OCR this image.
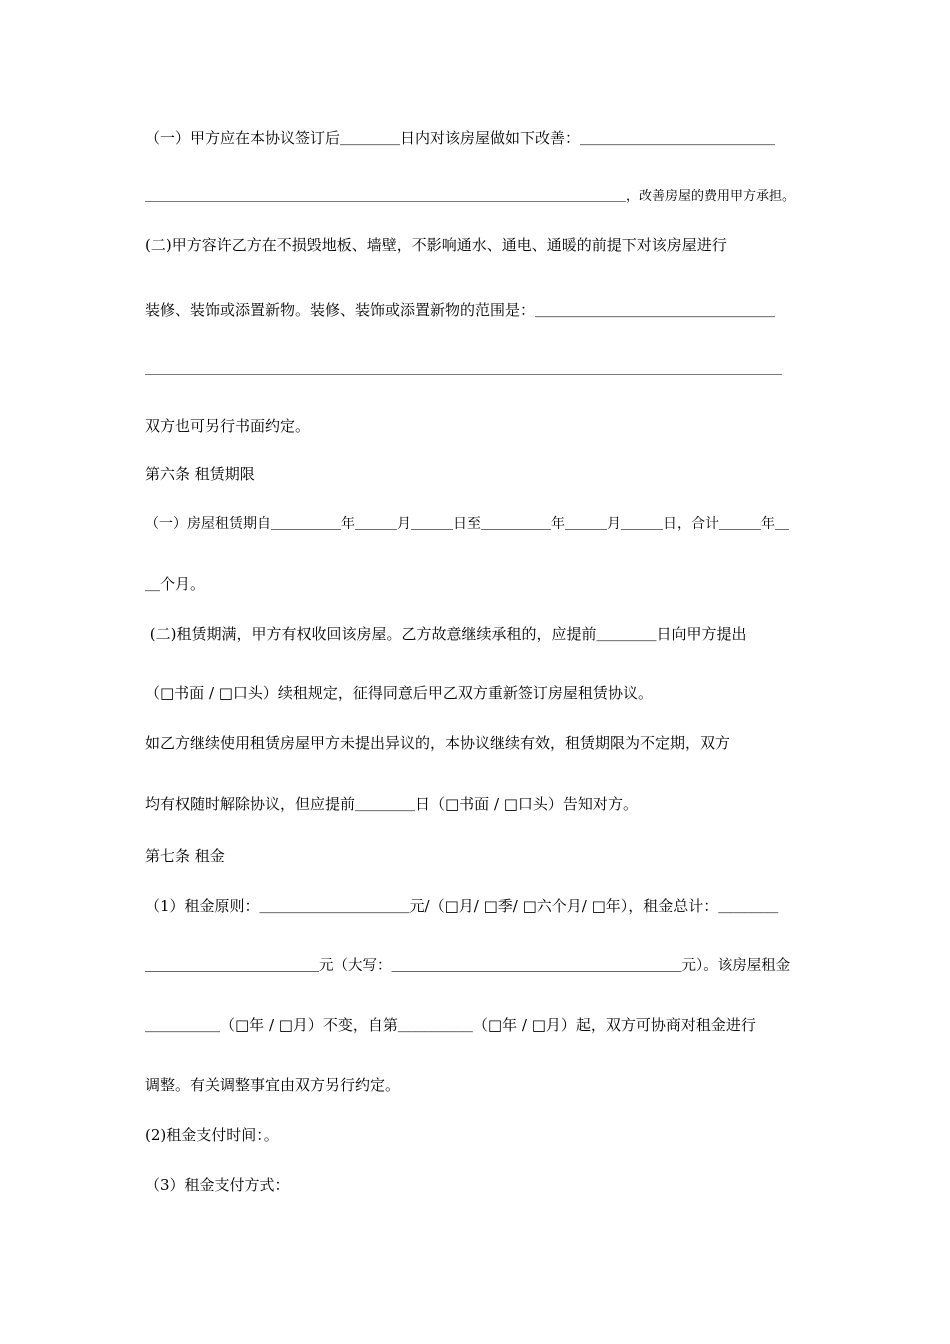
（一）甲方应在本协议签订后＿＿＿＿日内对该房屋做如下改善：＿＿＿＿＿＿＿＿＿＿＿＿＿
＿＿＿＿＿＿＿＿＿＿＿＿＿＿＿＿＿＿＿＿＿＿＿＿＿＿＿＿＿＿＿＿＿＿＿＿＿，改善房屋的费用甲方承担。
(二)甲方容许乙方在不损毁地板、墙壁，不影响通水、通电、通暖的前提下对该房屋进行
装修、装饰或添置新物。装修、装饰或添置新物的范围是：＿＿＿＿＿＿＿＿＿＿＿＿＿＿＿＿
＿＿＿＿＿＿＿＿＿＿＿＿＿＿＿＿＿＿＿＿＿＿＿＿＿＿＿＿＿＿＿＿＿＿＿＿＿＿＿＿＿＿＿＿＿＿＿＿＿
双方也可另行书面约定。
第六条 租赁期限
（一）房屋租赁期自＿＿＿＿＿年＿＿＿月＿＿＿日至＿＿＿＿＿年＿＿＿月＿＿＿日，合计＿＿＿年＿
＿个月。
(二)租赁期满，甲方有权收回该房屋。乙方故意继续承租的，应提前＿＿＿＿日向甲方提出
（□书面 / □口头）续租规定，征得同意后甲乙双方重新签订房屋租赁协议。
如乙方继续使用租赁房屋甲方未提出异议的，本协议继续有效，租赁期限为不定期，双方
均有权随时解除协议，但应提前＿＿＿＿日（□书面 / □口头）告知对方。
第七条 租金
（1）租金原则：＿＿＿＿＿＿＿＿＿＿元/（□月/ □季/ □六个月/ □年），租金总计：＿＿＿＿
＿＿＿＿＿＿＿＿＿＿＿＿元（大写：＿＿＿＿＿＿＿＿＿＿＿＿＿＿＿＿＿＿＿＿元）。该房屋租金
＿＿＿＿＿（□年 / □月）不变，自第＿＿＿＿＿（□年 / □月）起，双方可协商对租金进行
调整。有关调整事宜由双方另行约定。
(2)租金支付时间：。
（3）租金支付方式：
